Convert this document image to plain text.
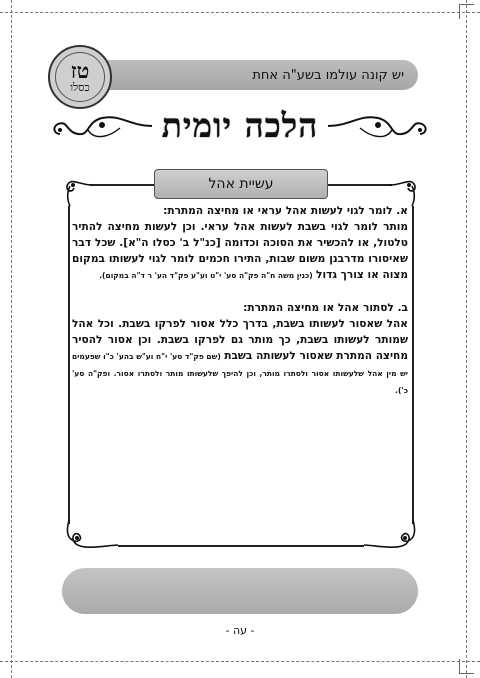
יש קונה עולמו בשע"ה אחת
טז
כסלו
הלכה יומית
עשיית אהל
א. לומר לגוי לעשות אהל עראי או מחיצה המתרת:
מותר לומר לגוי בשבת לעשות אהל עראי. וכן לעשות מחיצה להתיר טלטול, או להכשיר את הסוכה וכדומה [כנ"ל ב' כסלו ה"א]. שכל דבר שאיסורו מדרבנן משום שבות, התירו חכמים לומר לגוי לעשותו במקום מצוה או צורך גדול (כנין משה ח"ה פק"ה סע' י"ט וע"ע פק"ד הע' ר ד"ה במקום).
ב. לסתור אהל או מחיצה המתרת:
אהל שאסור לעשותו בשבת, בדרך כלל אסור לפרקו בשבת. וכל אהל שמותר לעשותו בשבת, כך מותר גם לפרקו בשבת. וכן אסור להסיר מחיצה המתרת שאסור לעשותה בשבת (שם פק"ד סע' י"ח וע"ש בהע' כ"ו שפעמים יש מין אהל שלעשותו אסור ולסתרו מותר, וכן להיפך שלעשותו מותר ולסתרו אסור. ופק"ה סע' כ').
- עה -
